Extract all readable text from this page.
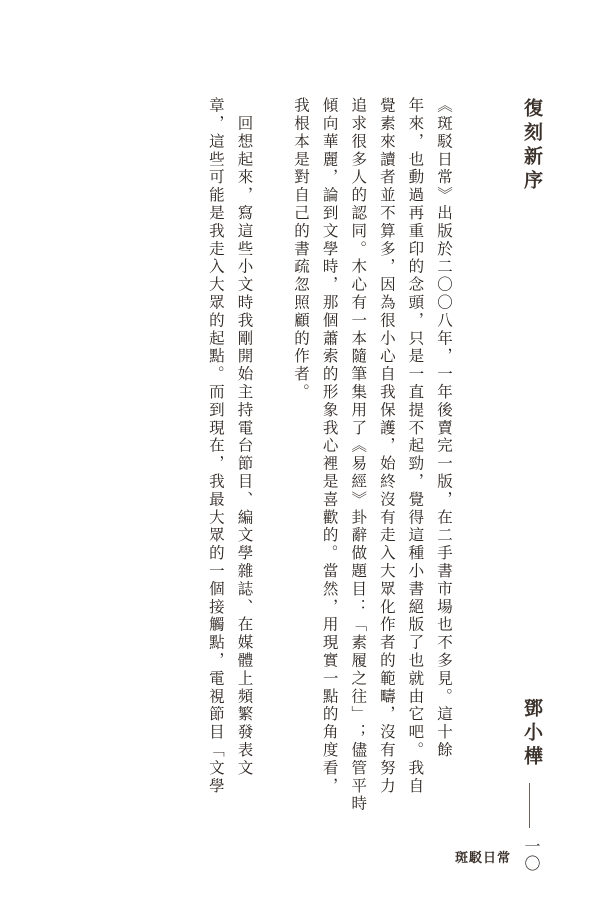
復刻新序
《斑駁日常》出版於二〇〇八年，一年後賣完一版，在二手書市場也不多見。這十餘
年來，也動過再重印的念頭，只是一直提不起勁，覺得這種小書絕版了也就由它吧。我自
覺素來讀者並不算多，因為很小心自我保護，始終沒有走入大眾化作者的範疇，沒有努力
追求很多人的認同。木心有一本隨筆集用了《易經》卦辭做題目：「素履之往」；儘管平時
傾向華麗，論到文學時，那個蕭索的形象我心裡是喜歡的。當然，用現實一點的角度看，
我根本是對自己的書疏忽照顧的作者。
　回想起來，寫這些小文時我剛開始主持電台節目、編文學雜誌、在媒體上頻繁發表文
章，這些可能是我走入大眾的起點。而到現在，我最大眾的一個接觸點，電視節目「文學	鄧小樺
一〇
斑駁日常
